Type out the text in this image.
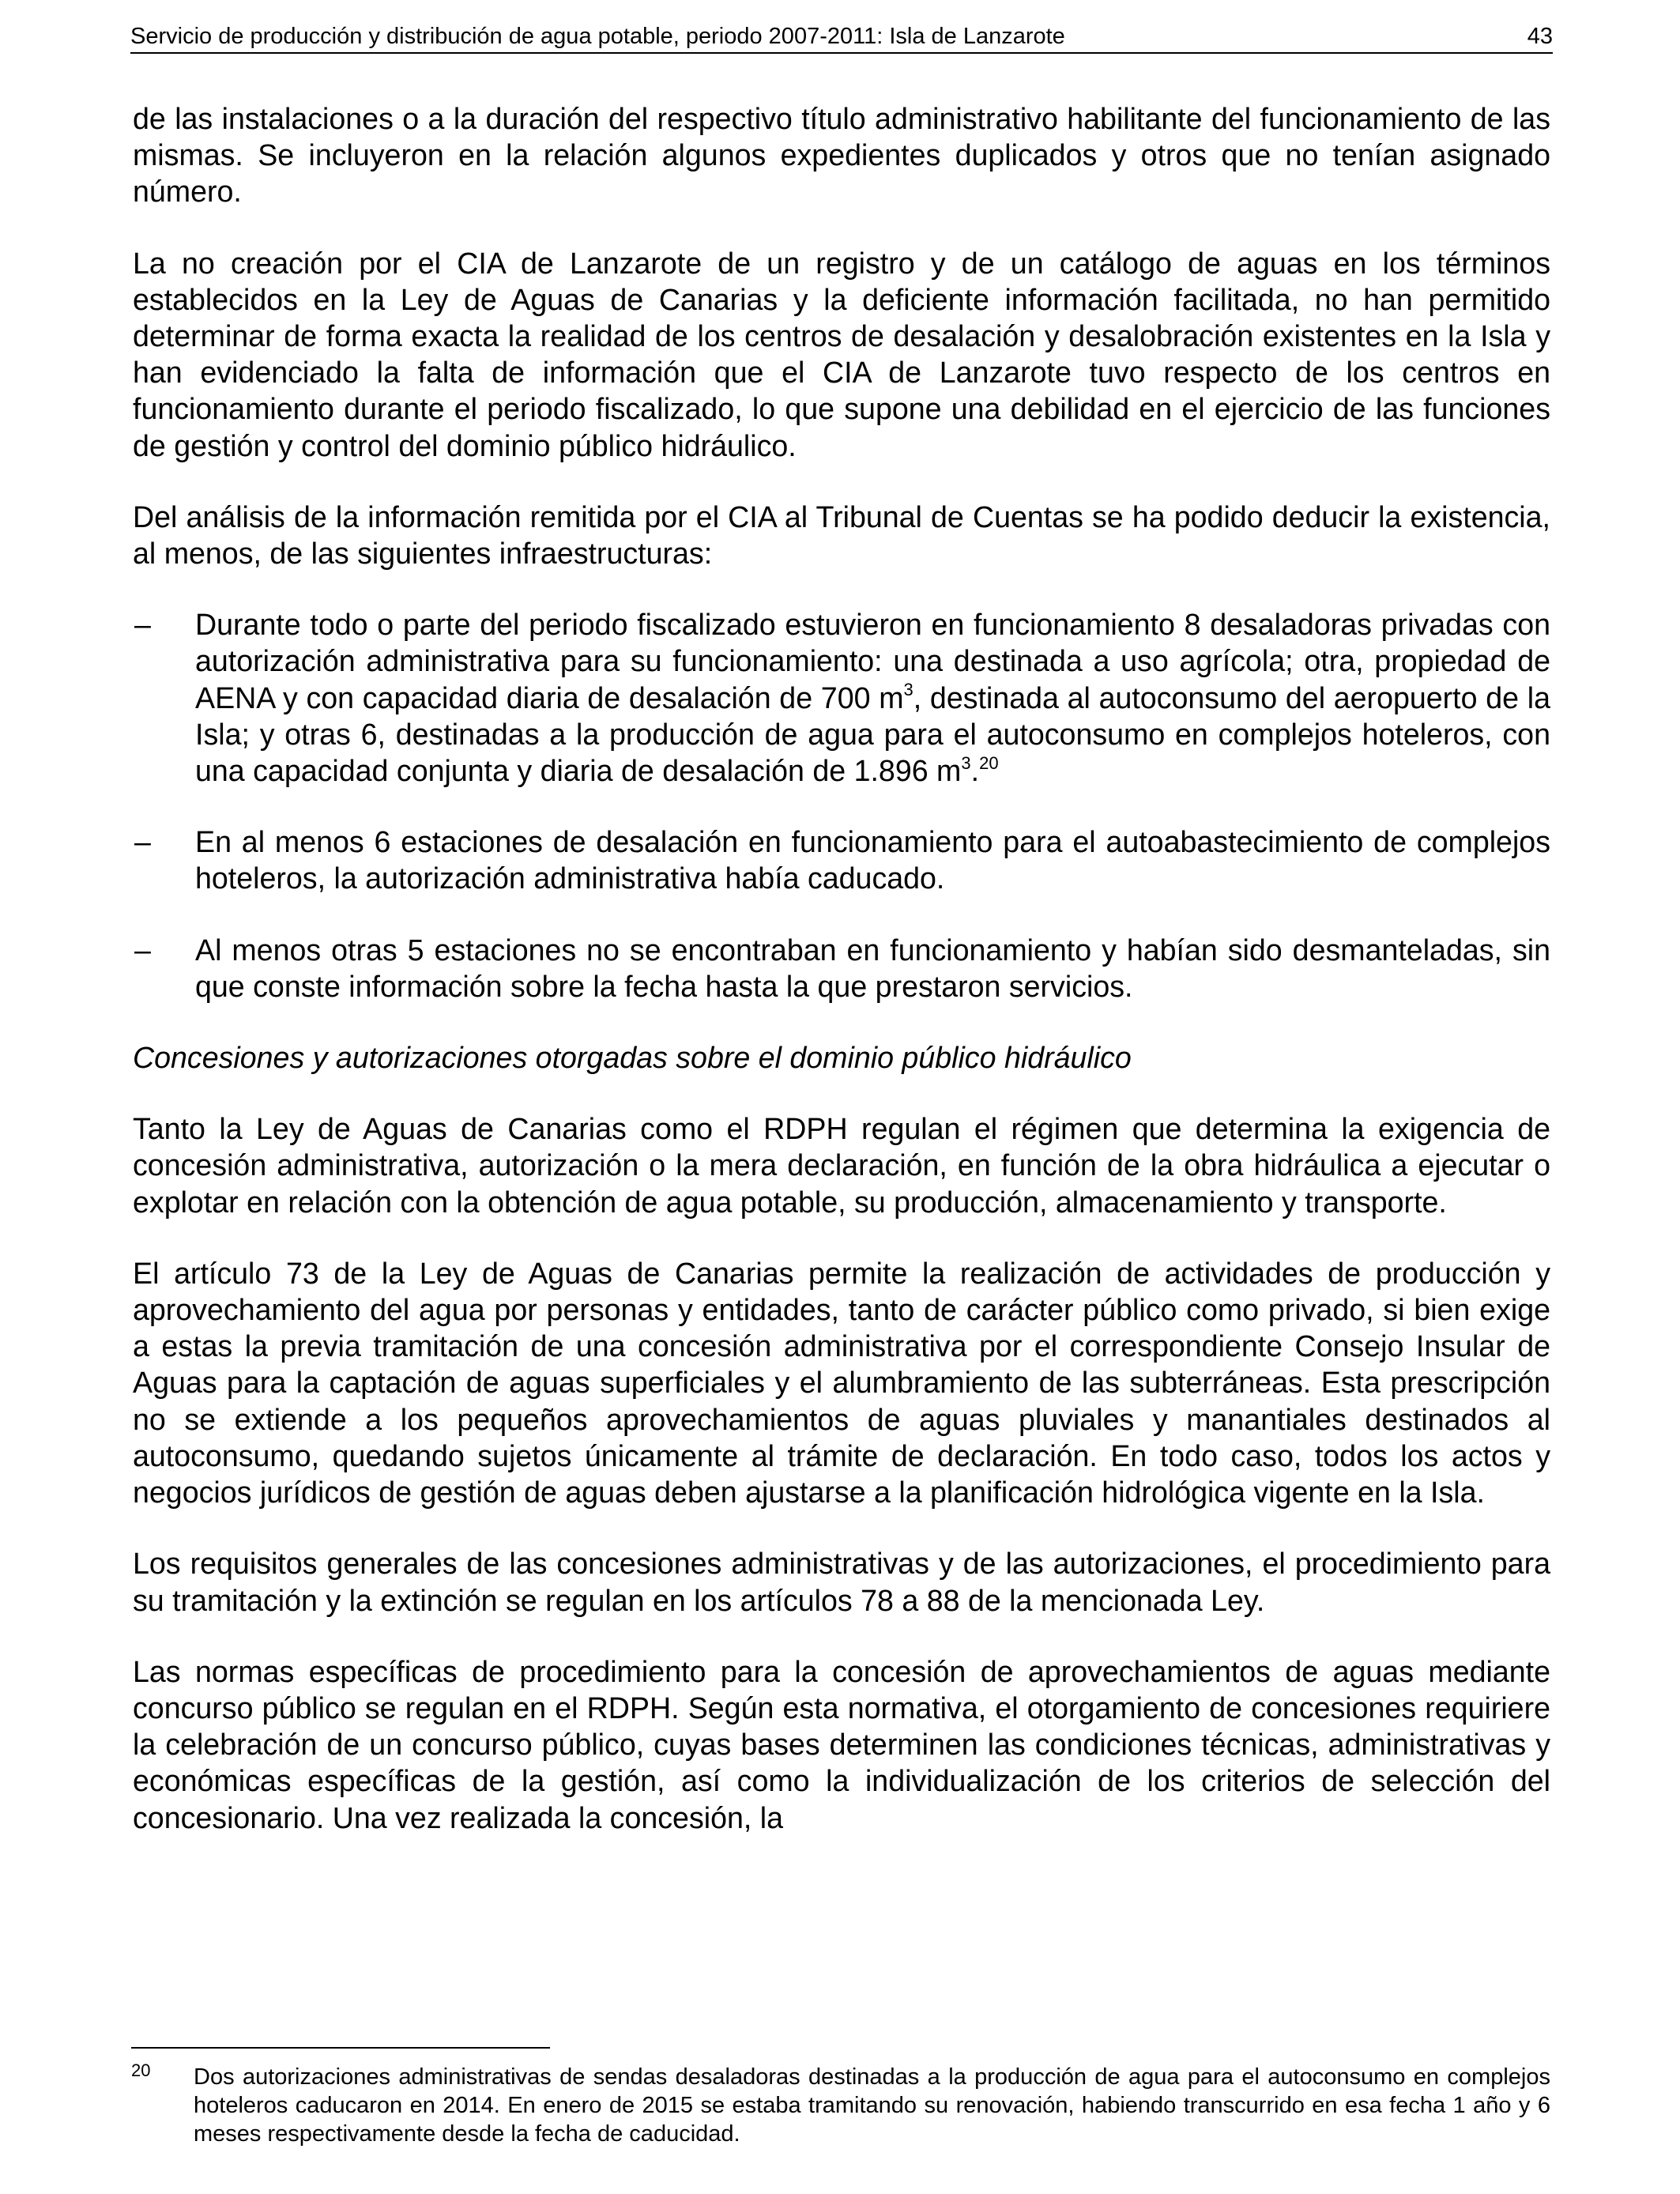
Servicio de producción y distribución de agua potable, periodo 2007-2011: Isla de Lanzarote	43

de las instalaciones o a la duración del respectivo título administrativo habilitante del funcionamiento de las mismas. Se incluyeron en la relación algunos expedientes duplicados y otros que no tenían asignado número.

La no creación por el CIA de Lanzarote de un registro y de un catálogo de aguas en los términos establecidos en la Ley de Aguas de Canarias y la deficiente información facilitada, no han permitido determinar de forma exacta la realidad de los centros de desalación y desalobración existentes en la Isla y han evidenciado la falta de información que el CIA de Lanzarote tuvo respecto de los centros en funcionamiento durante el periodo fiscalizado, lo que supone una debilidad en el ejercicio de las funciones de gestión y control del dominio público hidráulico.

Del análisis de la información remitida por el CIA al Tribunal de Cuentas se ha podido deducir la existencia, al menos, de las siguientes infraestructuras:

–	Durante todo o parte del periodo fiscalizado estuvieron en funcionamiento 8 desaladoras privadas con autorización administrativa para su funcionamiento: una destinada a uso agrícola; otra, propiedad de AENA y con capacidad diaria de desalación de 700 $m^3$, destinada al autoconsumo del aeropuerto de la Isla; y otras 6, destinadas a la producción de agua para el autoconsumo en complejos hoteleros, con una capacidad conjunta y diaria de desalación de 1.896 $m^3.^{20}$
–	En al menos 6 estaciones de desalación en funcionamiento para el autoabastecimiento de complejos hoteleros, la autorización administrativa había caducado.
–	Al menos otras 5 estaciones no se encontraban en funcionamiento y habían sido desmanteladas, sin que conste información sobre la fecha hasta la que prestaron servicios.

Concesiones y autorizaciones otorgadas sobre el dominio público hidráulico

Tanto la Ley de Aguas de Canarias como el RDPH regulan el régimen que determina la exigencia de concesión administrativa, autorización o la mera declaración, en función de la obra hidráulica a ejecutar o explotar en relación con la obtención de agua potable, su producción, almacenamiento y transporte.

El artículo 73 de la Ley de Aguas de Canarias permite la realización de actividades de producción y aprovechamiento del agua por personas y entidades, tanto de carácter público como privado, si bien exige a estas la previa tramitación de una concesión administrativa por el correspondiente Consejo Insular de Aguas para la captación de aguas superficiales y el alumbramiento de las subterráneas. Esta prescripción no se extiende a los pequeños aprovechamientos de aguas pluviales y manantiales destinados al autoconsumo, quedando sujetos únicamente al trámite de declaración. En todo caso, todos los actos y negocios jurídicos de gestión de aguas deben ajustarse a la planificación hidrológica vigente en la Isla.

Los requisitos generales de las concesiones administrativas y de las autorizaciones, el procedimiento para su tramitación y la extinción se regulan en los artículos 78 a 88 de la mencionada Ley.

Las normas específicas de procedimiento para la concesión de aprovechamientos de aguas mediante concurso público se regulan en el RDPH. Según esta normativa, el otorgamiento de concesiones requiriere la celebración de un concurso público, cuyas bases determinen las condiciones técnicas, administrativas y económicas específicas de la gestión, así como la individualización de los criterios de selección del concesionario. Una vez realizada la concesión, la

20 Dos autorizaciones administrativas de sendas desaladoras destinadas a la producción de agua para el autoconsumo en complejos hoteleros caducaron en 2014. En enero de 2015 se estaba tramitando su renovación, habiendo transcurrido en esa fecha 1 año y 6 meses respectivamente desde la fecha de caducidad.
